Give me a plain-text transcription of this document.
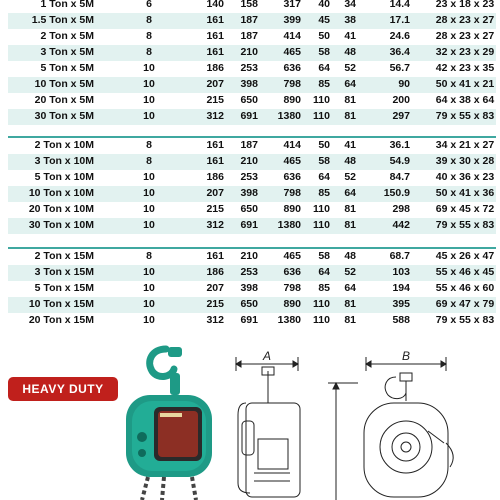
1 Ton x 5M	6	140	158	317	40	34	14.4	23 x 18 x 23
1.5 Ton x 5M	8	161	187	399	45	38	17.1	28 x 23 x 27
2 Ton x 5M	8	161	187	414	50	41	24.6	28 x 23 x 27
3 Ton x 5M	8	161	210	465	58	48	36.4	32 x 23 x 29
5 Ton x 5M	10	186	253	636	64	52	56.7	42 x 23 x 35
10 Ton x 5M	10	207	398	798	85	64	90	50 x 41 x 21
20 Ton x 5M	10	215	650	890	110	81	200	64 x 38 x 64
30 Ton x 5M	10	312	691	1380	110	81	297	79 x 55 x 83
2 Ton x 10M	8	161	187	414	50	41	36.1	34 x 21 x 27
3 Ton x 10M	8	161	210	465	58	48	54.9	39 x 30 x 28
5 Ton x 10M	10	186	253	636	64	52	84.7	40 x 36 x 23
10 Ton x 10M	10	207	398	798	85	64	150.9	50 x 41 x 36
20 Ton x 10M	10	215	650	890	110	81	298	69 x 45 x 72
30 Ton x 10M	10	312	691	1380	110	81	442	79 x 55 x 83
2 Ton x 15M	8	161	210	465	58	48	68.7	45 x 26 x 47
3 Ton x 15M	10	186	253	636	64	52	103	55 x 46 x 45
5 Ton x 15M	10	207	398	798	85	64	194	55 x 46 x 60
10 Ton x 15M	10	215	650	890	110	81	395	69 x 47 x 79
20 Ton x 15M	10	312	691	1380	110	81	588	79 x 55 x 83
HEAVY DUTY
A	B
